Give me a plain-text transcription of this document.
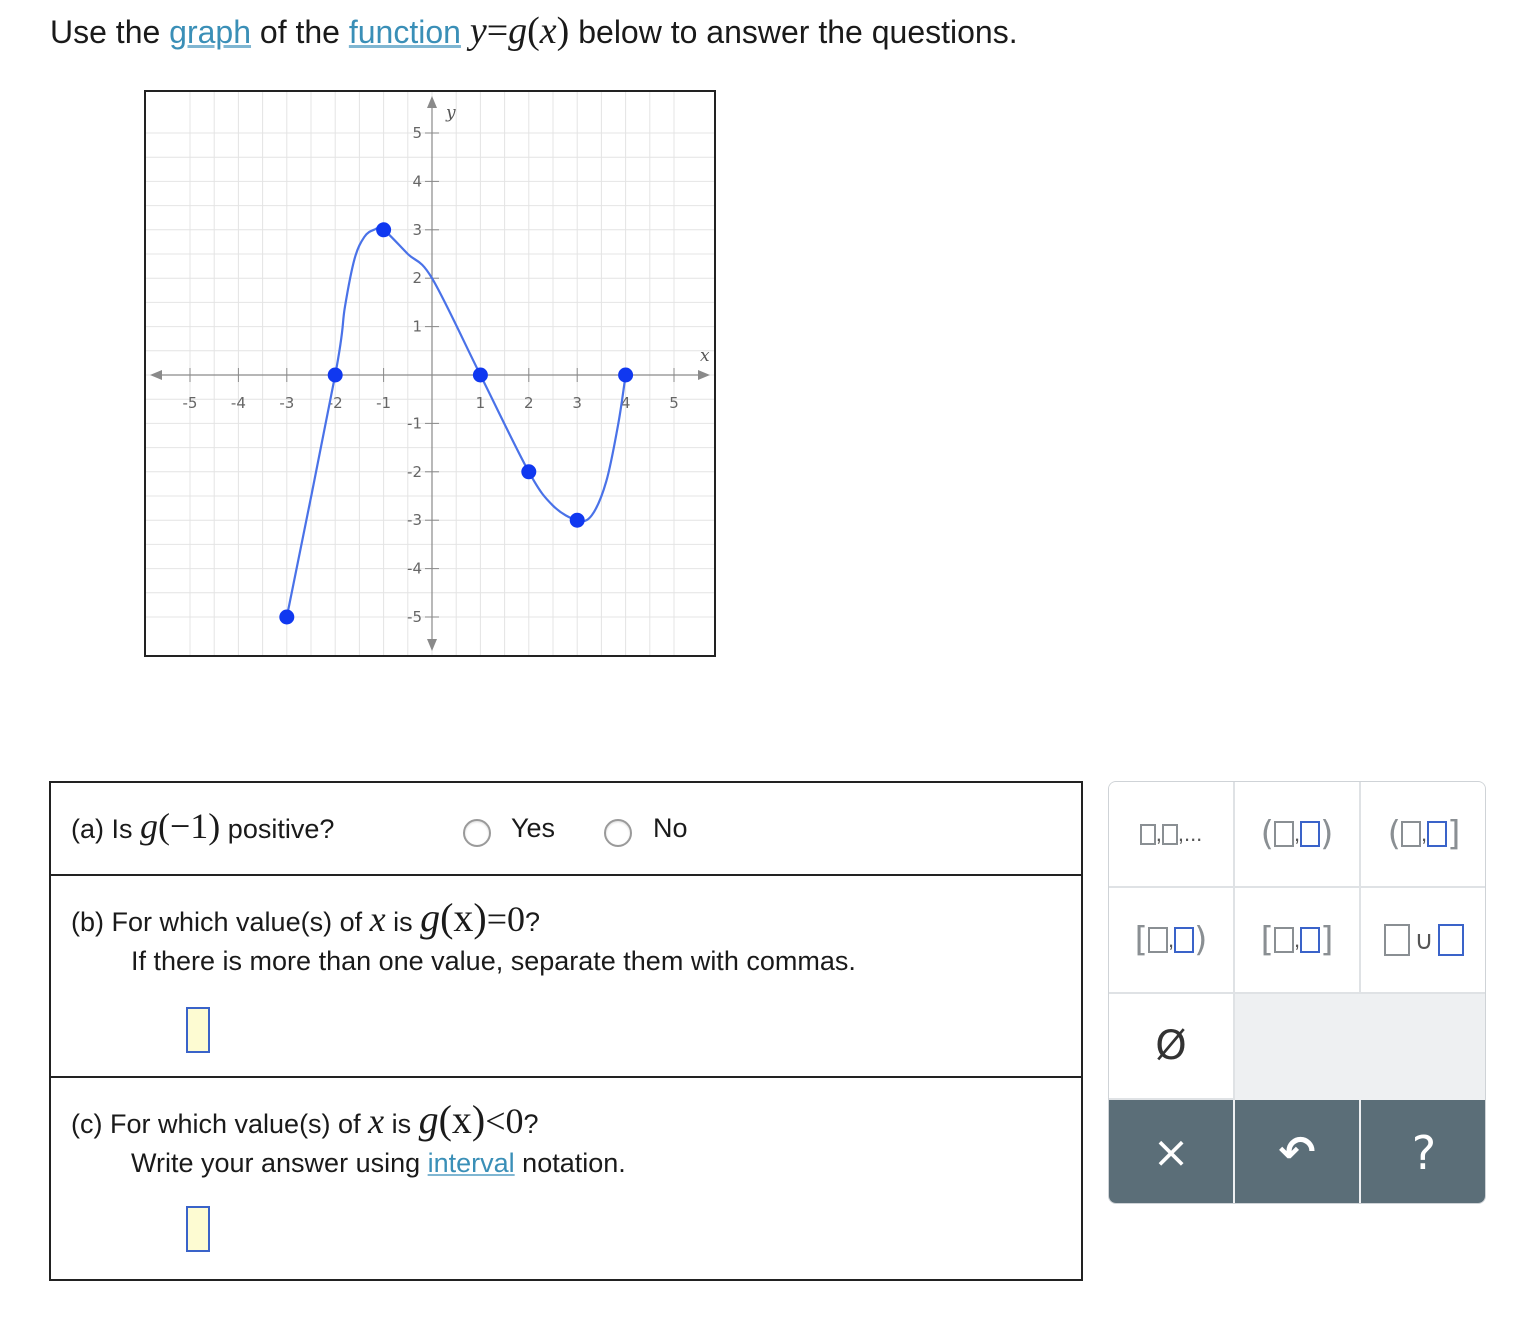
Use the graph of the function y=g(x) below to answer the questions.
-5 -4 -3 -2 -1	1	2	3	4	5
5
4
3
2
1
-1
-2
-3
-4
-5
x
y
(a) Is g(−1) positive?	Yes	No
(b) For which value(s) of x is g(x)=0?
If there is more than one value, separate them with commas.
(c) For which value(s) of x is g(x)<0?
Write your answer using interval notation.
, ,... ( , ) ( , ]
[ , ) [ , ]	∪
Ø
× ↶ ?
